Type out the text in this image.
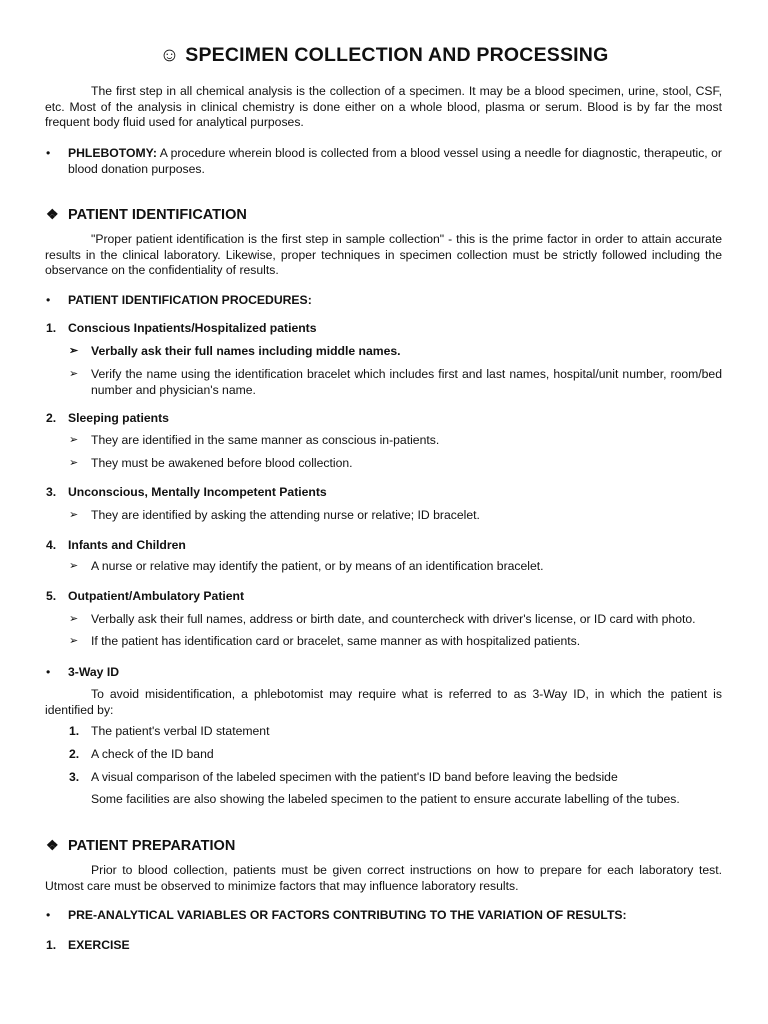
☺ SPECIMEN COLLECTION AND PROCESSING
The first step in all chemical analysis is the collection of a specimen. It may be a blood specimen, urine, stool, CSF, etc. Most of the analysis in clinical chemistry is done either on a whole blood, plasma or serum. Blood is by far the most frequent body fluid used for analytical purposes.
• PHLEBOTOMY: A procedure wherein blood is collected from a blood vessel using a needle for diagnostic, therapeutic, or blood donation purposes.
❖ PATIENT IDENTIFICATION
"Proper patient identification is the first step in sample collection" - this is the prime factor in order to attain accurate results in the clinical laboratory. Likewise, proper techniques in specimen collection must be strictly followed including the observance on the confidentiality of results.
• PATIENT IDENTIFICATION PROCEDURES:
1. Conscious Inpatients/Hospitalized patients
➢ Verbally ask their full names including middle names.
➢ Verify the name using the identification bracelet which includes first and last names, hospital/unit number, room/bed number and physician's name.
2. Sleeping patients
➢ They are identified in the same manner as conscious in-patients.
➢ They must be awakened before blood collection.
3. Unconscious, Mentally Incompetent Patients
➢ They are identified by asking the attending nurse or relative; ID bracelet.
4. Infants and Children
➢ A nurse or relative may identify the patient, or by means of an identification bracelet.
5. Outpatient/Ambulatory Patient
➢ Verbally ask their full names, address or birth date, and countercheck with driver's license, or ID card with photo.
➢ If the patient has identification card or bracelet, same manner as with hospitalized patients.
• 3-Way ID
To avoid misidentification, a phlebotomist may require what is referred to as 3-Way ID, in which the patient is identified by:
1. The patient's verbal ID statement
2. A check of the ID band
3. A visual comparison of the labeled specimen with the patient's ID band before leaving the bedside
Some facilities are also showing the labeled specimen to the patient to ensure accurate labelling of the tubes.
❖ PATIENT PREPARATION
Prior to blood collection, patients must be given correct instructions on how to prepare for each laboratory test. Utmost care must be observed to minimize factors that may influence laboratory results.
• PRE-ANALYTICAL VARIABLES OR FACTORS CONTRIBUTING TO THE VARIATION OF RESULTS:
1. EXERCISE
